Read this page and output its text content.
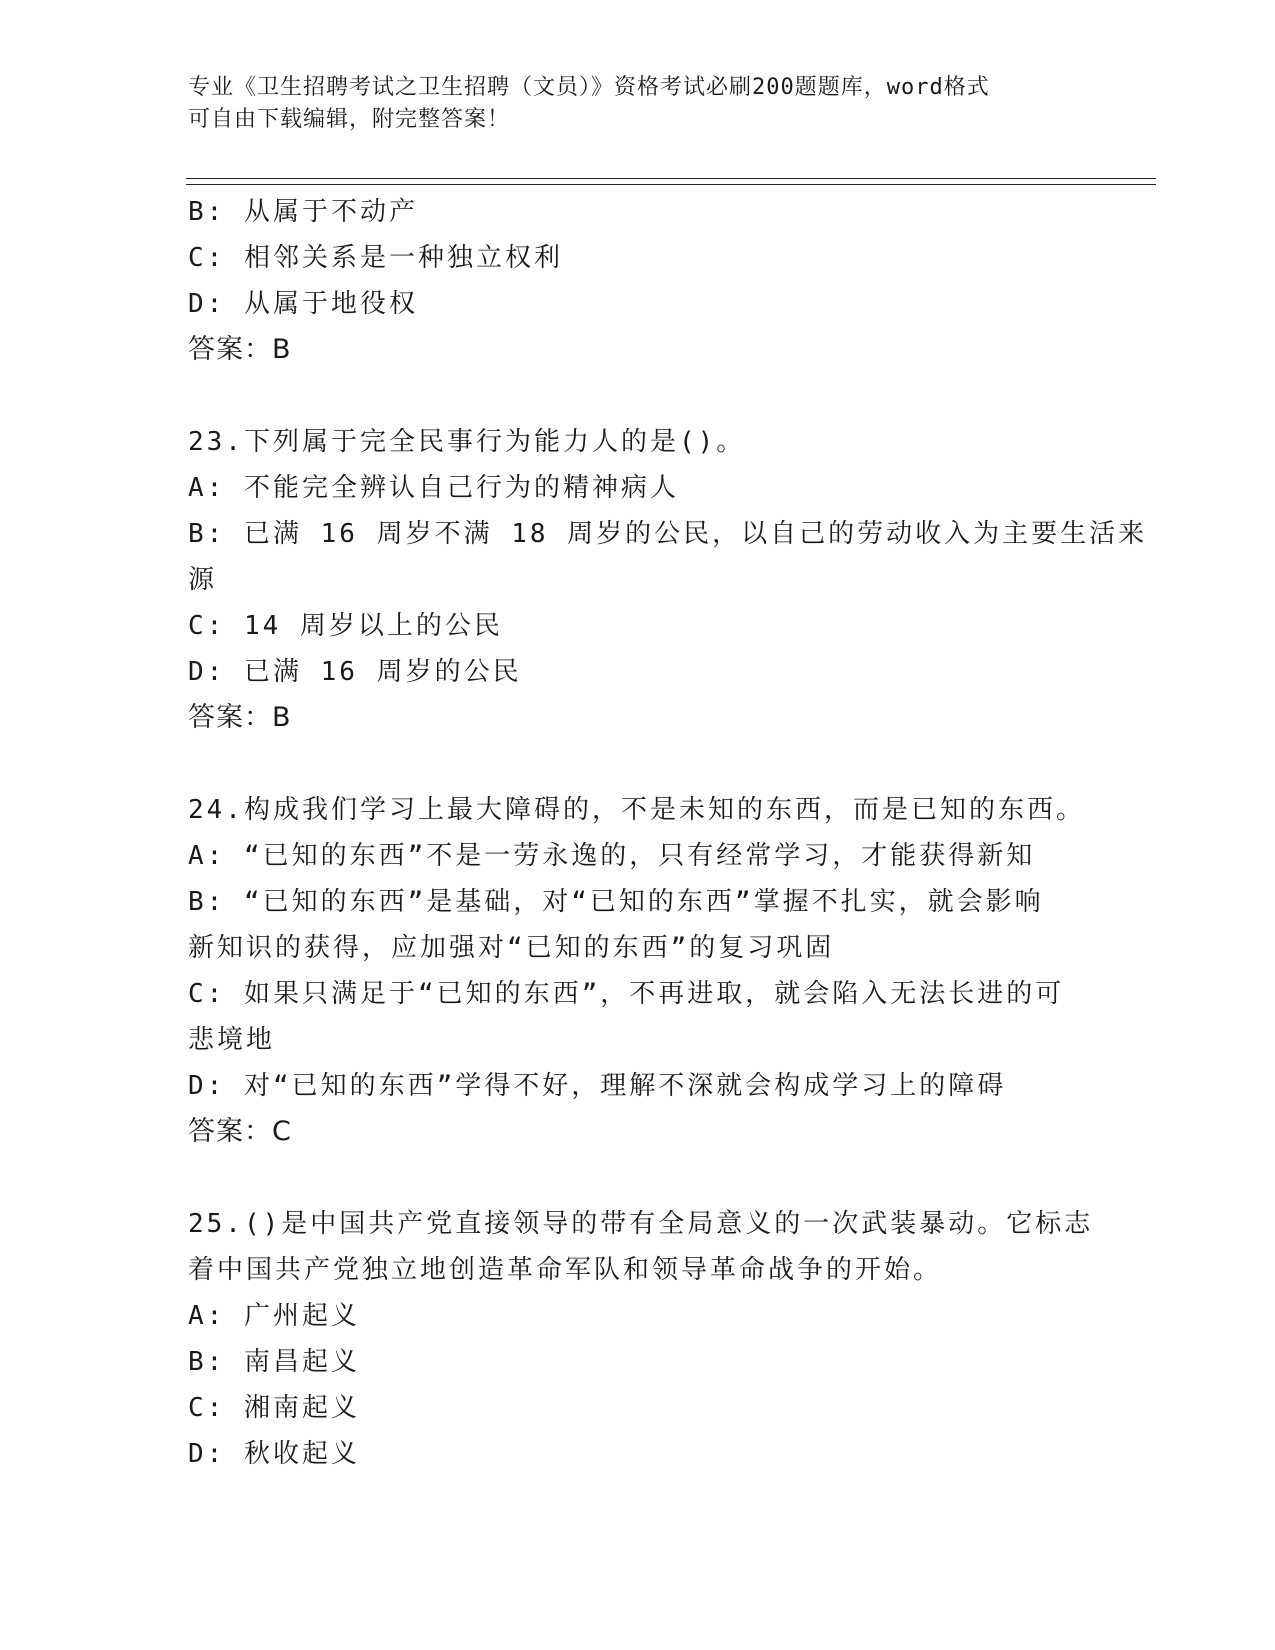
专业《卫生招聘考试之卫生招聘（文员）》资格考试必刷200题题库，word格式
可自由下载编辑，附完整答案！
B: 从属于不动产
C: 相邻关系是一种独立权利
D: 从属于地役权
答案：B
23.下列属于完全民事行为能力人的是()。
A: 不能完全辨认自己行为的精神病人
B: 已满 16 周岁不满 18 周岁的公民，以自己的劳动收入为主要生活来
源
C: 14 周岁以上的公民
D: 已满 16 周岁的公民
答案：B
24.构成我们学习上最大障碍的，不是未知的东西，而是已知的东西。
A: “已知的东西”不是一劳永逸的，只有经常学习，才能获得新知
B: “已知的东西”是基础，对“已知的东西”掌握不扎实，就会影响
新知识的获得，应加强对“已知的东西”的复习巩固
C: 如果只满足于“已知的东西”，不再进取，就会陷入无法长进的可
悲境地
D: 对“已知的东西”学得不好，理解不深就会构成学习上的障碍
答案：C
25.()是中国共产党直接领导的带有全局意义的一次武装暴动。它标志
着中国共产党独立地创造革命军队和领导革命战争的开始。
A: 广州起义
B: 南昌起义
C: 湘南起义
D: 秋收起义
